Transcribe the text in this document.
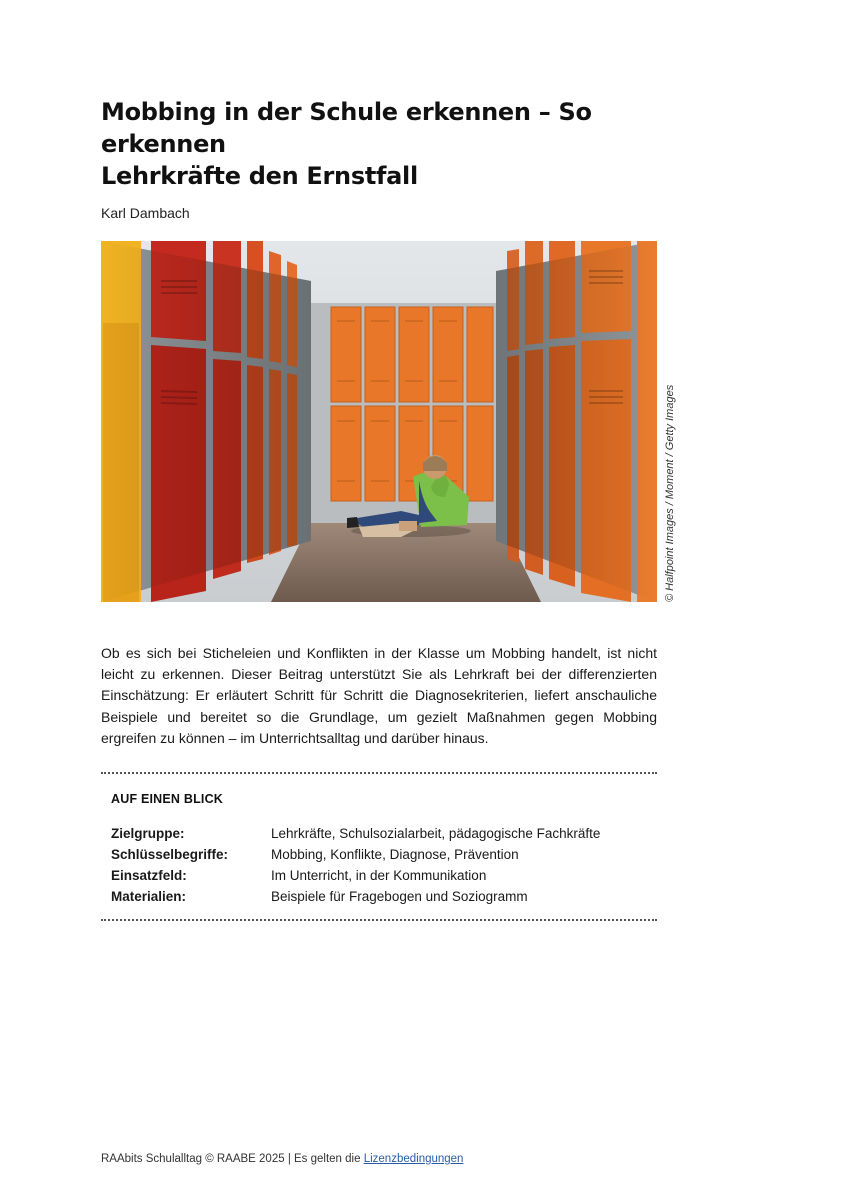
Mobbing in der Schule erkennen – So erkennen
Lehrkräfte den Ernstfall
Karl Dambach
© Halfpoint Images / Moment / Getty Images

Ob es sich bei Sticheleien und Konflikten in der Klasse um Mobbing handelt, ist nicht leicht zu erkennen. Dieser Beitrag unterstützt Sie als Lehrkraft bei der differenzierten Einschätzung: Er erläutert Schritt für Schritt die Diagnosekriterien, liefert anschauliche Beispiele und bereitet so die Grundlage, um gezielt Maßnahmen gegen Mobbing ergreifen zu können – im Unterrichtsalltag und darüber hinaus.

AUF EINEN BLICK
Zielgruppe:	Lehrkräfte, Schulsozialarbeit, pädagogische Fachkräfte
Schlüsselbegriffe:	Mobbing, Konflikte, Diagnose, Prävention
Einsatzfeld:	Im Unterricht, in der Kommunikation
Materialien:	Beispiele für Fragebogen und Soziogramm
RAAbits Schulalltag © RAABE 2025 | Es gelten die Lizenzbedingungen
